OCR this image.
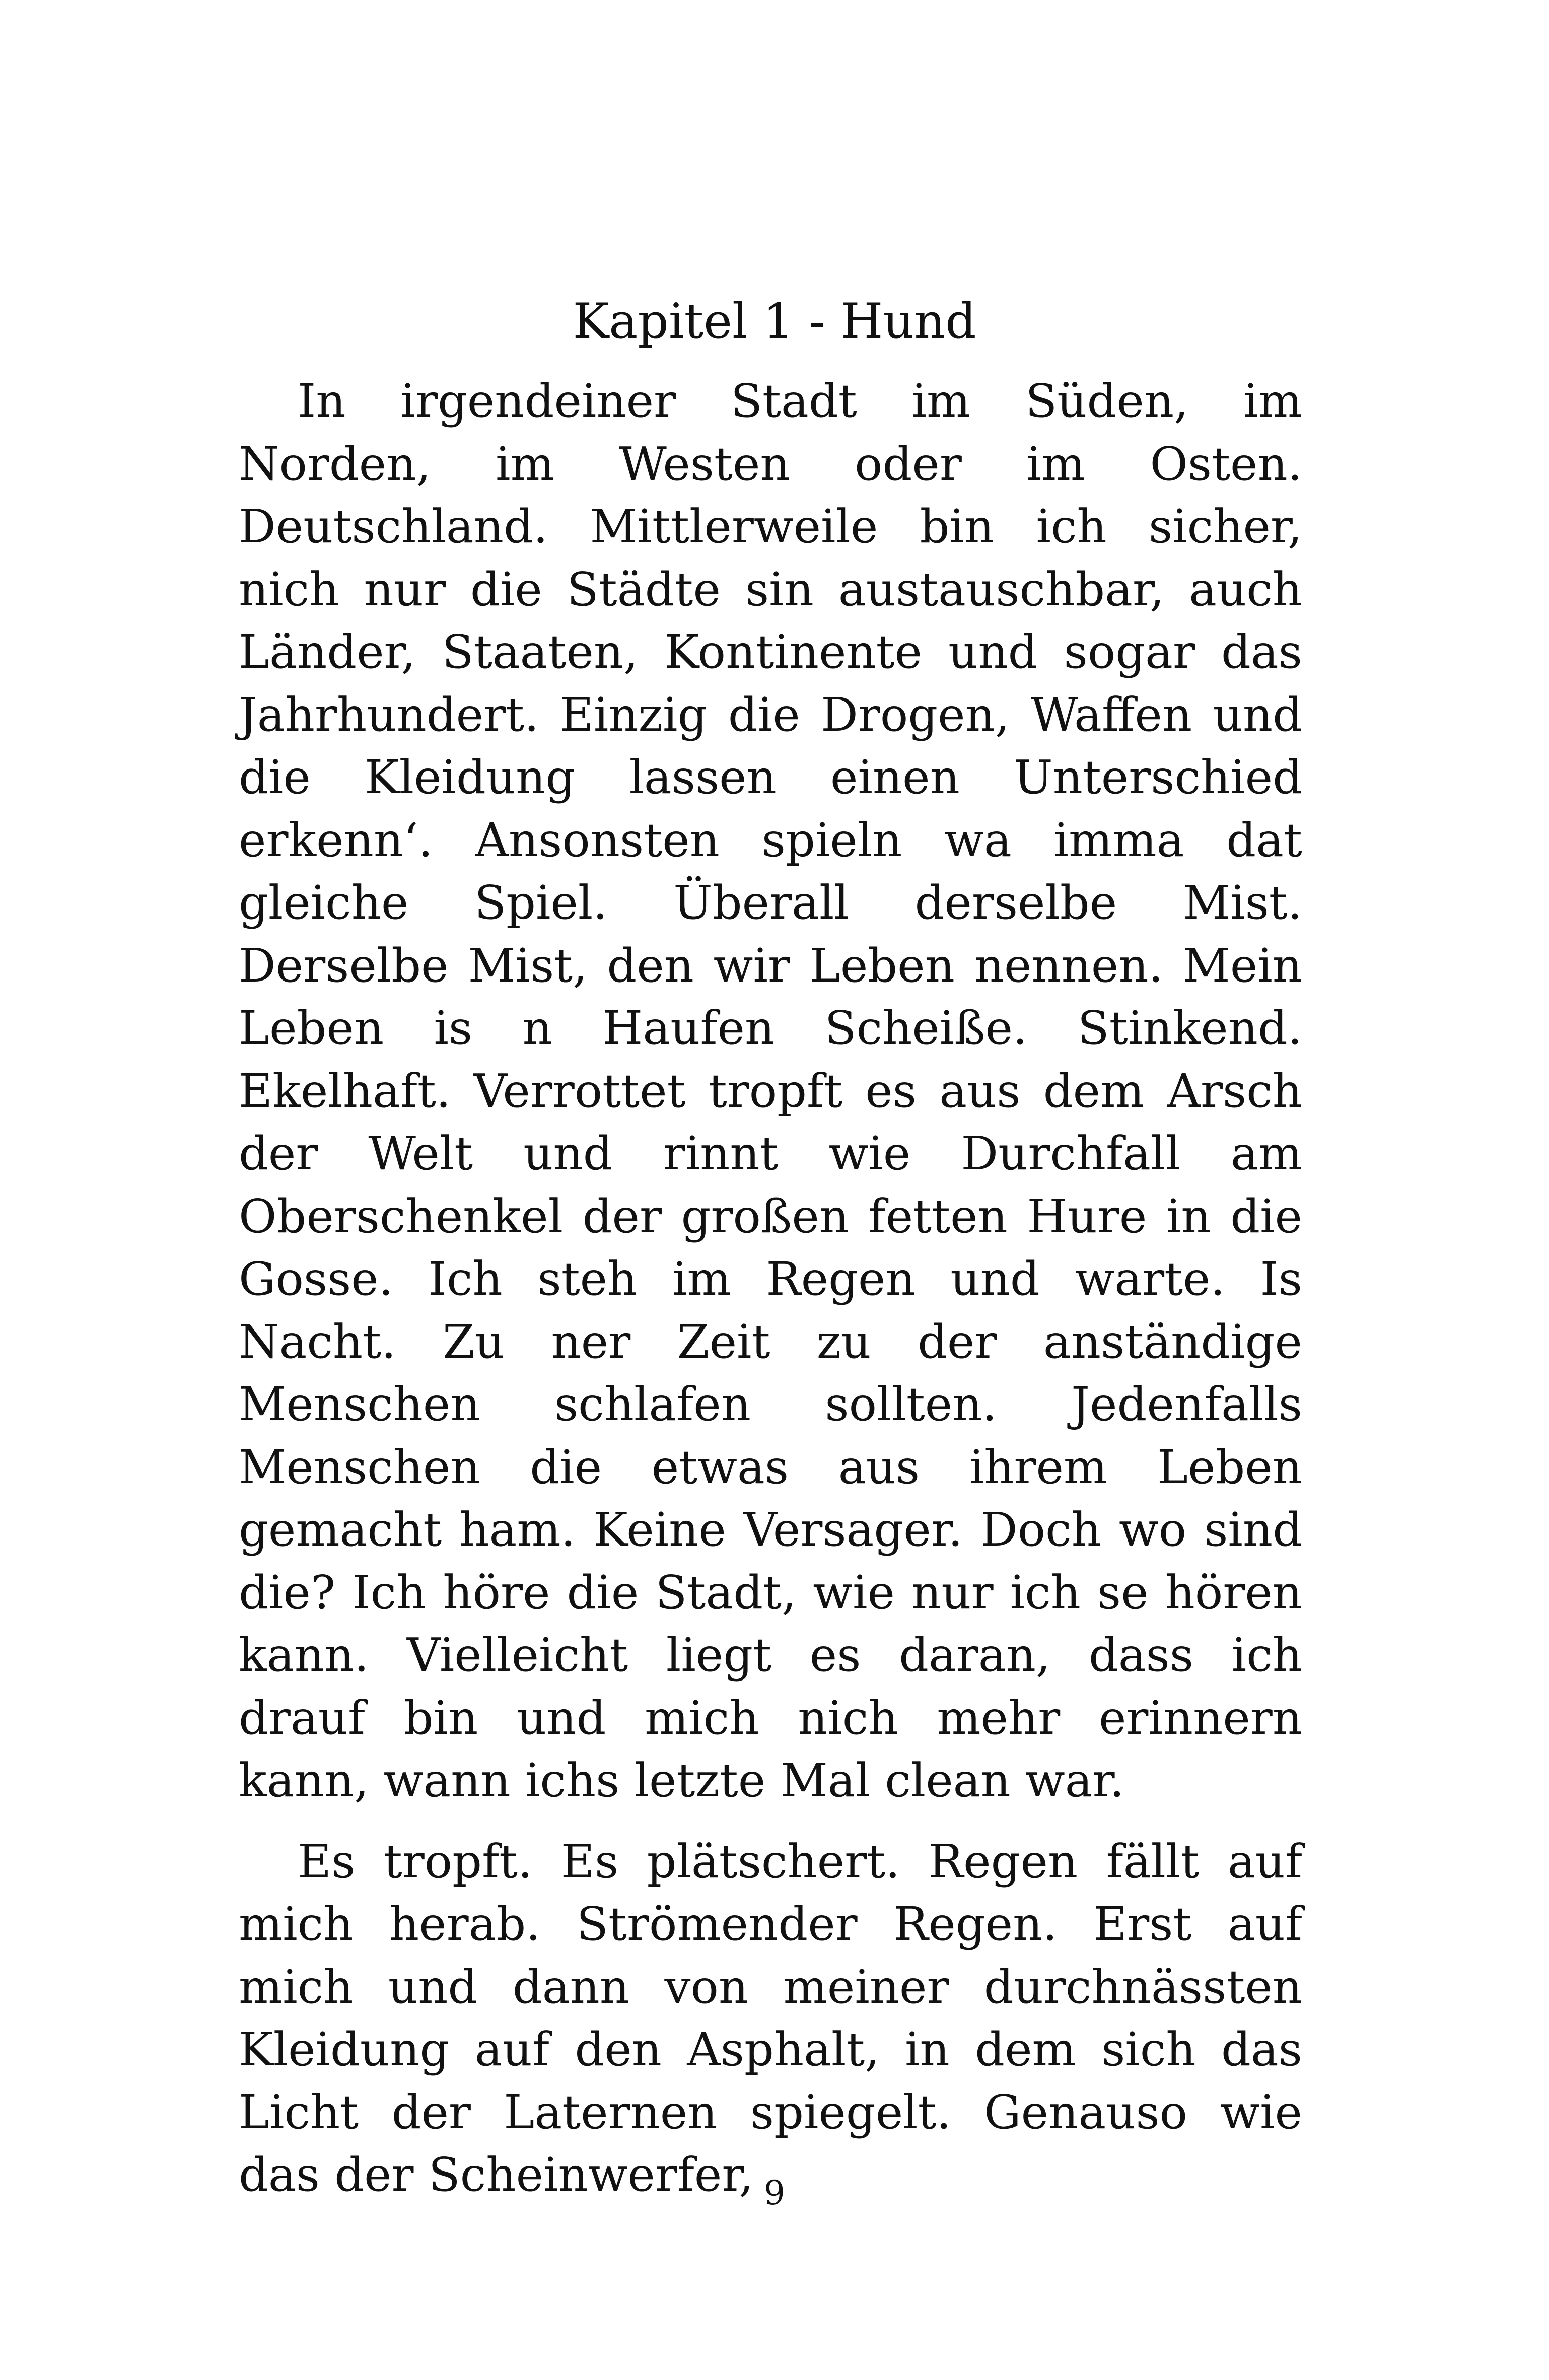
Kapitel 1 - Hund

In irgendeiner Stadt im Süden, im Norden, im Westen oder im Osten. Deutschland. Mittlerweile bin ich sicher, nich nur die Städte sin austauschbar, auch Länder, Staaten, Kontinente und sogar das Jahrhundert. Einzig die Drogen, Waffen und die Kleidung lassen einen Unterschied erkenn‘. Ansonsten spieln wa imma dat gleiche Spiel. Überall derselbe Mist. Derselbe Mist, den wir Leben nennen. Mein Leben is n Haufen Scheiße. Stinkend. Ekelhaft. Verrottet tropft es aus dem Arsch der Welt und rinnt wie Durchfall am Oberschenkel der großen fetten Hure in die Gosse. Ich steh im Regen und warte. Is Nacht. Zu ner Zeit zu der anständige Menschen schlafen sollten. Jedenfalls Menschen die etwas aus ihrem Leben gemacht ham. Keine Versager. Doch wo sind die? Ich höre die Stadt, wie nur ich se hören kann. Vielleicht liegt es daran, dass ich drauf bin und mich nich mehr erinnern kann, wann ichs letzte Mal clean war.

Es tropft. Es plätschert. Regen fällt auf mich herab. Strömender Regen. Erst auf mich und dann von meiner durchnässten Kleidung auf den Asphalt, in dem sich das Licht der Laternen spiegelt. Genauso wie das der Scheinwerfer, 9
